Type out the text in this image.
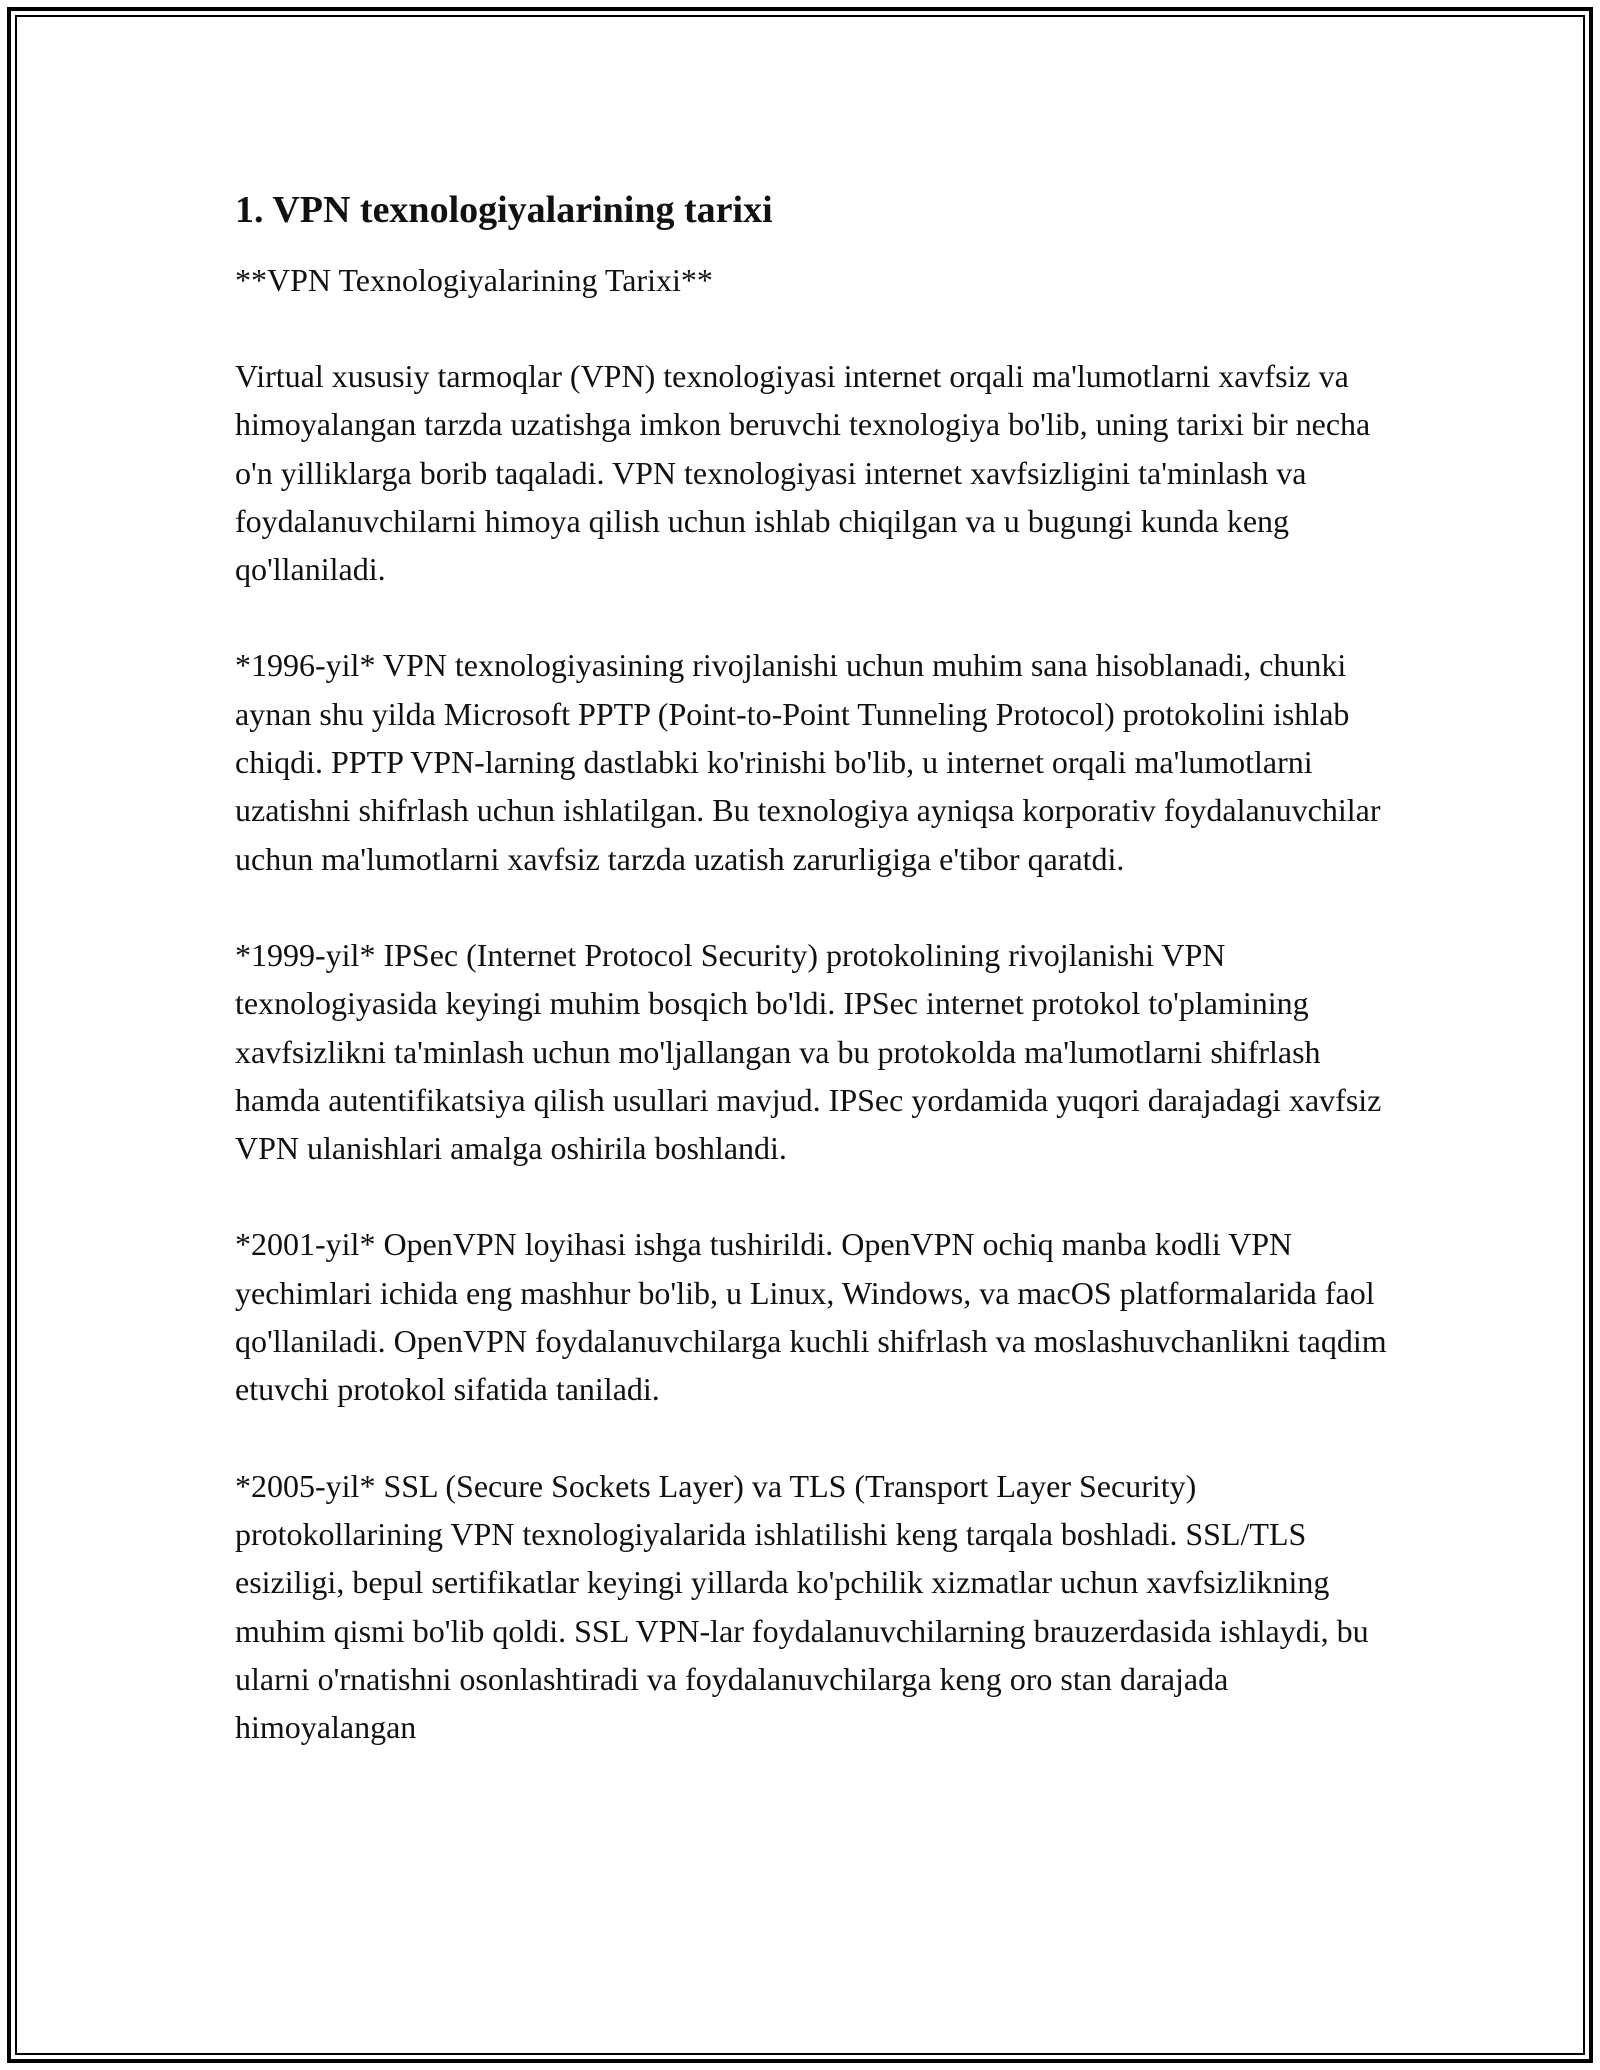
1. VPN texnologiyalarining tarixi

**VPN Texnologiyalarining Tarixi**

Virtual xususiy tarmoqlar (VPN) texnologiyasi internet orqali ma'lumotlarni xavfsiz va himoyalangan tarzda uzatishga imkon beruvchi texnologiya bo'lib, uning tarixi bir necha o'n yilliklarga borib taqaladi. VPN texnologiyasi internet xavfsizligini ta'minlash va foydalanuvchilarni himoya qilish uchun ishlab chiqilgan va u bugungi kunda keng qo'llaniladi.

*1996-yil* VPN texnologiyasining rivojlanishi uchun muhim sana hisoblanadi, chunki aynan shu yilda Microsoft PPTP (Point-to-Point Tunneling Protocol) protokolini ishlab chiqdi. PPTP VPN-larning dastlabki ko'rinishi bo'lib, u internet orqali ma'lumotlarni uzatishni shifrlash uchun ishlatilgan. Bu texnologiya ayniqsa korporativ foydalanuvchilar uchun ma'lumotlarni xavfsiz tarzda uzatish zarurligiga e'tibor qaratdi.

*1999-yil* IPSec (Internet Protocol Security) protokolining rivojlanishi VPN texnologiyasida keyingi muhim bosqich bo'ldi. IPSec internet protokol to'plamining xavfsizlikni ta'minlash uchun mo'ljallangan va bu protokolda ma'lumotlarni shifrlash hamda autentifikatsiya qilish usullari mavjud. IPSec yordamida yuqori darajadagi xavfsiz VPN ulanishlari amalga oshirila boshlandi.

*2001-yil* OpenVPN loyihasi ishga tushirildi. OpenVPN ochiq manba kodli VPN yechimlari ichida eng mashhur bo'lib, u Linux, Windows, va macOS platformalarida faol qo'llaniladi. OpenVPN foydalanuvchilarga kuchli shifrlash va moslashuvchanlikni taqdim etuvchi protokol sifatida taniladi.

*2005-yil* SSL (Secure Sockets Layer) va TLS (Transport Layer Security) protokollarining VPN texnologiyalarida ishlatilishi keng tarqala boshladi. SSL/TLS esiziligi, bepul sertifikatlar keyingi yillarda ko'pchilik xizmatlar uchun xavfsizlikning muhim qismi bo'lib qoldi. SSL VPN-lar foydalanuvchilarning brauzerdasida ishlaydi, bu ularni o'rnatishni osonlashtiradi va foydalanuvchilarga keng oro stan darajada himoyalangan
